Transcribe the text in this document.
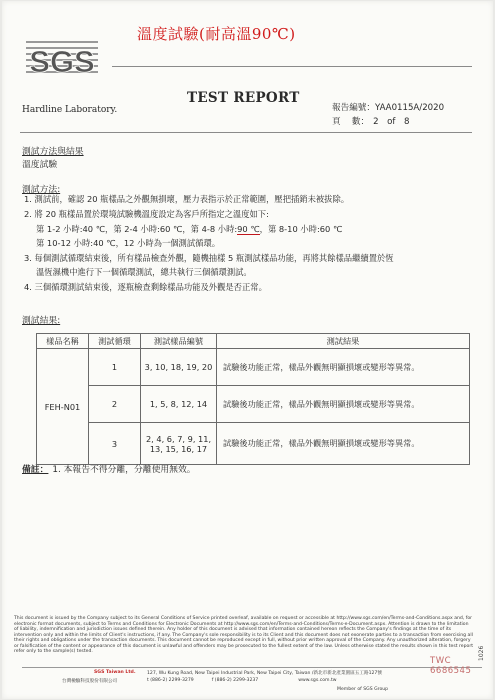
溫度試驗(耐高溫90℃)
SGS
TEST REPORT
Hardline Laboratory.	報告編號：YAA0115A/2020
頁　 數： 2　of　8
測試方法與結果
溫度試驗
測試方法:
1. 測試前，確認 20 瓶樣品之外觀無損壞，壓力表指示於正常範圍，壓把插銷未被拔除。
2. 將 20 瓶樣品置於環境試驗機溫度設定為客戶所指定之溫度如下:
第 1-2 小時:40 ℃，第 2-4 小時:60 ℃，第 4-8 小時:90 ℃，第 8-10 小時:60 ℃
第 10-12 小時:40 ℃，12 小時為一個測試循環。
3. 每個測試循環結束後，所有樣品檢查外觀，隨機抽樣 5 瓶測試樣品功能，再將其餘樣品繼續置於恆
溫恆濕機中進行下一個循環測試，總共執行三個循環測試。
4. 三個循環測試結束後，逐瓶檢查剩餘樣品功能及外觀是否正常。
測試結果:
樣品名稱	測試循環	測試樣品編號	測試結果
FEH-N01	1	3, 10, 18, 19, 20	試驗後功能正常，樣品外觀無明顯損壞或變形等異常。
	2	1, 5, 8, 12, 14	試驗後功能正常，樣品外觀無明顯損壞或變形等異常。
	3	2, 4, 6, 7, 9, 11,
13, 15, 16, 17	試驗後功能正常，樣品外觀無明顯損壞或變形等異常。
備註： 1. 本報告不得分離，分離使用無效。
This document is issued by the Company subject to its General Conditions of Service printed overleaf, available on request or accessible at http://www.sgs.com/en/Terms-and-Conditions.aspx and, for electronic format documents, subject to Terms and Conditions for Electronic Documents at http://www.sgs.com/en/Terms-and-Conditions/Terms-e-Document.aspx. Attention is drawn to the limitation of liability, indemnification and jurisdiction issues defined therein. Any holder of this document is advised that information contained hereon reflects the Company's findings at the time of its intervention only and within the limits of Client's instructions, if any. The Company's sole responsibility is to its Client and this document does not exonerate parties to a transaction from exercising all their rights and obligations under the transaction documents. This document cannot be reproduced except in full, without prior written approval of the Company. Any unauthorized alteration, forgery or falsification of the content or appearance of this document is unlawful and offenders may be prosecuted to the fullest extent of the law. Unless otherwise stated the results shown in this test report refer only to the sample(s) tested.
SGS Taiwan Ltd.
台灣檢驗科技股份有限公司
127, Wu Kung Road, New Taipei Industrial Park, New Taipei City, Taiwan /新北市新北產業園區五工路127號
t (886-2) 2299-3279	f (886-2) 2299-3237	www.sgs.com.tw
TWC 6686545
Member of SGS Group
1026
